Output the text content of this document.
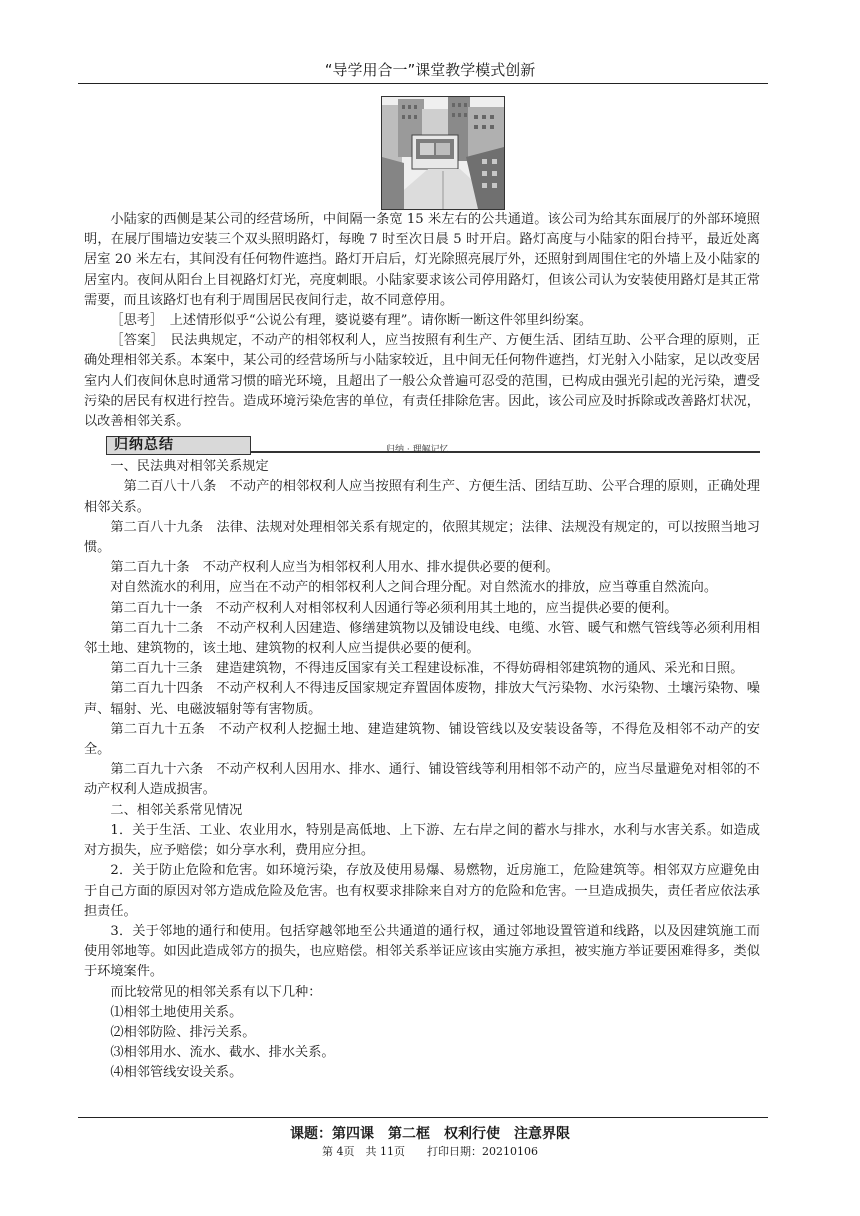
“导学用合一”课堂教学模式创新

小陆家的西侧是某公司的经营场所，中间隔一条宽 15 米左右的公共通道。该公司为给其东面展厅的外部环境照明，在展厅围墙边安装三个双头照明路灯，每晚 7 时至次日晨 5 时开启。路灯高度与小陆家的阳台持平，最近处离居室 20 米左右，其间没有任何物件遮挡。路灯开启后，灯光除照亮展厅外，还照射到周围住宅的外墙上及小陆家的居室内。夜间从阳台上目视路灯灯光，亮度刺眼。小陆家要求该公司停用路灯，但该公司认为安装使用路灯是其正常需要，而且该路灯也有利于周围居民夜间行走，故不同意停用。

［思考］　上述情形似乎“公说公有理，婆说婆有理”。请你断一断这件邻里纠纷案。

［答案］　民法典规定，不动产的相邻权利人，应当按照有利生产、方便生活、团结互助、公平合理的原则，正确处理相邻关系。本案中，某公司的经营场所与小陆家较近，且中间无任何物件遮挡，灯光射入小陆家，足以改变居室内人们夜间休息时通常习惯的暗光环境，且超出了一般公众普遍可忍受的范围，已构成由强光引起的光污染，遭受污染的居民有权进行控告。造成环境污染危害的单位，有责任排除危害。因此，该公司应及时拆除或改善路灯状况，以改善相邻关系。

归纳总结	归纳 · 理解记忆

一、民法典对相邻关系规定

第二百八十八条　不动产的相邻权利人应当按照有利生产、方便生活、团结互助、公平合理的原则，正确处理相邻关系。

第二百八十九条　法律、法规对处理相邻关系有规定的，依照其规定；法律、法规没有规定的，可以按照当地习惯。

第二百九十条　不动产权利人应当为相邻权利人用水、排水提供必要的便利。

对自然流水的利用，应当在不动产的相邻权利人之间合理分配。对自然流水的排放，应当尊重自然流向。

第二百九十一条　不动产权利人对相邻权利人因通行等必须利用其土地的，应当提供必要的便利。

第二百九十二条　不动产权利人因建造、修缮建筑物以及铺设电线、电缆、水管、暖气和燃气管线等必须利用相邻土地、建筑物的，该土地、建筑物的权利人应当提供必要的便利。

第二百九十三条　建造建筑物，不得违反国家有关工程建设标准，不得妨碍相邻建筑物的通风、采光和日照。

第二百九十四条　不动产权利人不得违反国家规定弃置固体废物，排放大气污染物、水污染物、土壤污染物、噪声、辐射、光、电磁波辐射等有害物质。

第二百九十五条　不动产权利人挖掘土地、建造建筑物、铺设管线以及安装设备等，不得危及相邻不动产的安全。

第二百九十六条　不动产权利人因用水、排水、通行、铺设管线等利用相邻不动产的，应当尽量避免对相邻的不动产权利人造成损害。

二、相邻关系常见情况

1．关于生活、工业、农业用水，特别是高低地、上下游、左右岸之间的蓄水与排水，水利与水害关系。如造成对方损失，应予赔偿；如分享水利，费用应分担。

2．关于防止危险和危害。如环境污染，存放及使用易爆、易燃物，近房施工，危险建筑等。相邻双方应避免由于自己方面的原因对邻方造成危险及危害。也有权要求排除来自对方的危险和危害。一旦造成损失，责任者应依法承担责任。

3．关于邻地的通行和使用。包括穿越邻地至公共通道的通行权，通过邻地设置管道和线路，以及因建筑施工而使用邻地等。如因此造成邻方的损失，也应赔偿。相邻关系举证应该由实施方承担，被实施方举证要困难得多，类似于环境案件。

而比较常见的相邻关系有以下几种：

⑴相邻土地使用关系。

⑵相邻防险、排污关系。

⑶相邻用水、流水、截水、排水关系。

⑷相邻管线安设关系。

课题：第四课　第二框　权利行使　注意界限
第 4页　共 11页　　打印日期：20210106
